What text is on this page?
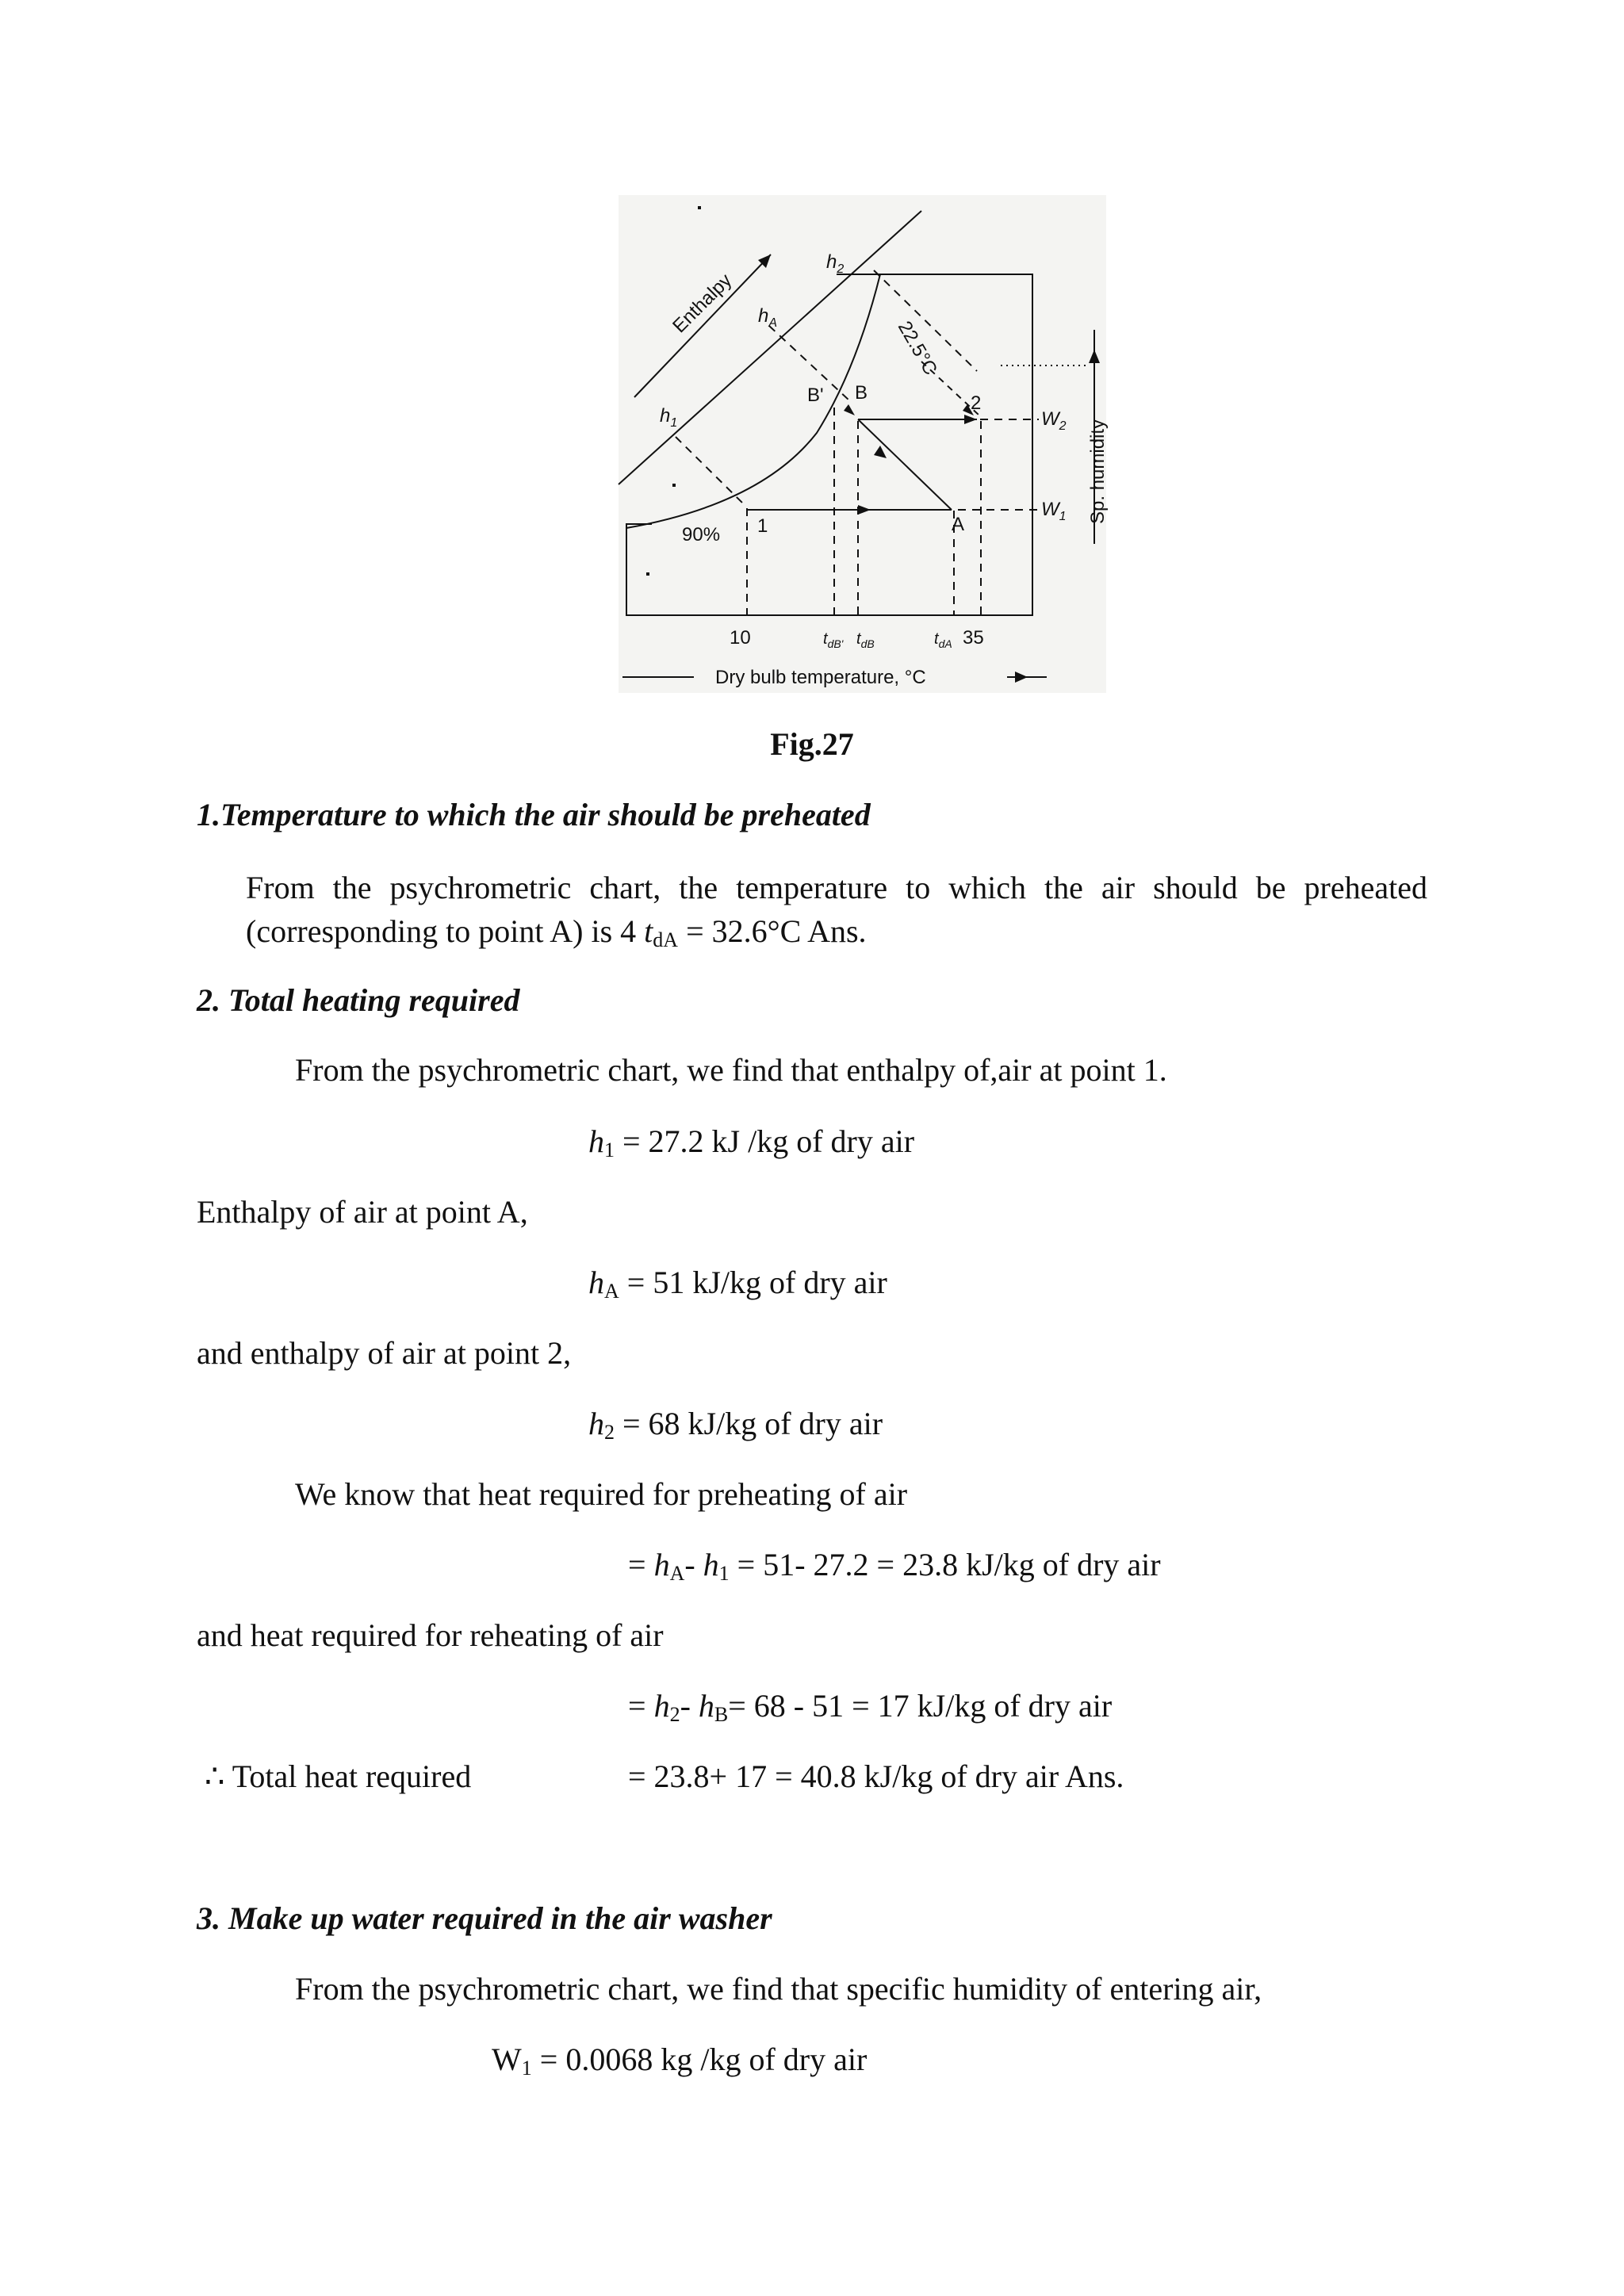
Enthalpy
$h_2$
$h_A$
$h_1$
22.5°C
B' B	2
A
1
90%
$W_2$
$W_1$ Sp. humidity
10	$t_{dB'}$ $t_{dB}$	$t_{dA}$ 35
Dry bulb temperature, °C
Fig.27
1.Temperature to which the air should be preheated
From the psychrometric chart, the temperature to which the air should be preheated (corresponding to point A) is 4 $t_{dA} = 32.6^\circ C$ Ans.
2. Total heating required
From the psychrometric chart, we find that enthalpy of,air at point 1.
$h_1 = 27.2$ kJ /kg of dry air
Enthalpy of air at point A,
$h_A = 51$ kJ/kg of dry air
and enthalpy of air at point 2,
$h_2 = 68$ kJ/kg of dry air
We know that heat required for preheating of air
= $h_A-$ $h_1 = 51-$ 27.2 = 23.8 kJ/kg of dry air
and heat required for reheating of air
= $h_2-$ $h_B= 68 - 51 = 17$ kJ/kg of dry air
∴ Total heat required	= 23.8+ 17 = 40.8 kJ/kg of dry air Ans.
3. Make up water required in the air washer
From the psychrometric chart, we find that specific humidity of entering air,
$W_1 = 0.0068$ kg /kg of dry air
